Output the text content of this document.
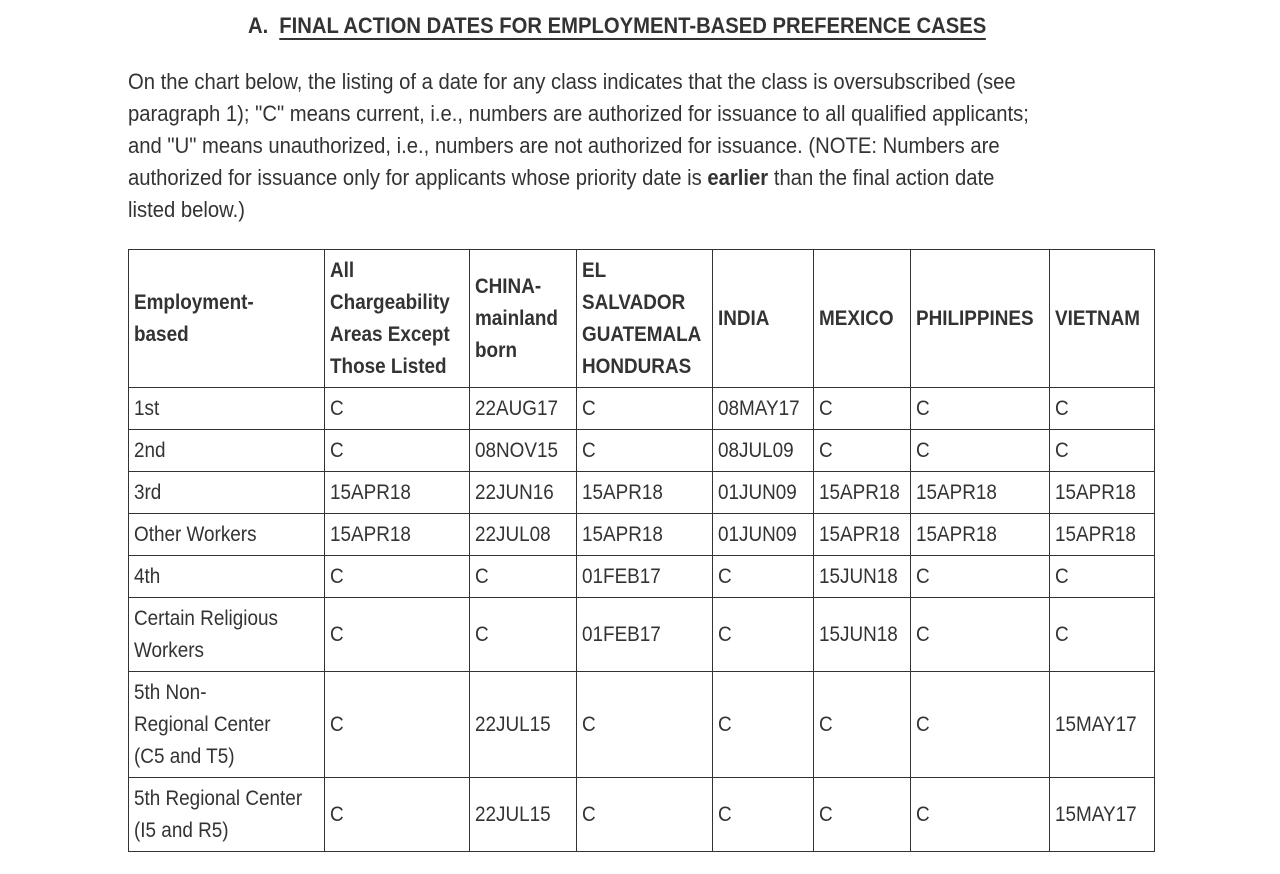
A. FINAL ACTION DATES FOR EMPLOYMENT-BASED PREFERENCE CASES
On the chart below, the listing of a date for any class indicates that the class is oversubscribed (see
paragraph 1); "C" means current, i.e., numbers are authorized for issuance to all qualified applicants;
and "U" means unauthorized, i.e., numbers are not authorized for issuance. (NOTE: Numbers are
authorized for issuance only for applicants whose priority date is earlier than the final action date
listed below.)
Employment-
based	All
Chargeability
Areas Except
Those Listed	CHINA-
mainland
born	EL
SALVADOR
GUATEMALA
HONDURAS	INDIA	MEXICO	PHILIPPINES	VIETNAM

1st	C	22AUG17	C	08MAY17	C	C	C

2nd	C	08NOV15	C	08JUL09	C	C	C

3rd	15APR18	22JUN16	15APR18	01JUN09	15APR18	15APR18	15APR18

Other Workers	15APR18	22JUL08	15APR18	01JUN09	15APR18	15APR18	15APR18

4th	C	C	01FEB17	C	15JUN18	C	C

Certain Religious
Workers	C	C	01FEB17	C	15JUN18	C	C

5th Non-
Regional Center
(C5 and T5)	C	22JUL15	C	C	C	C	15MAY17

5th Regional Center
(I5 and R5)	C	22JUL15	C	C	C	C	15MAY17
